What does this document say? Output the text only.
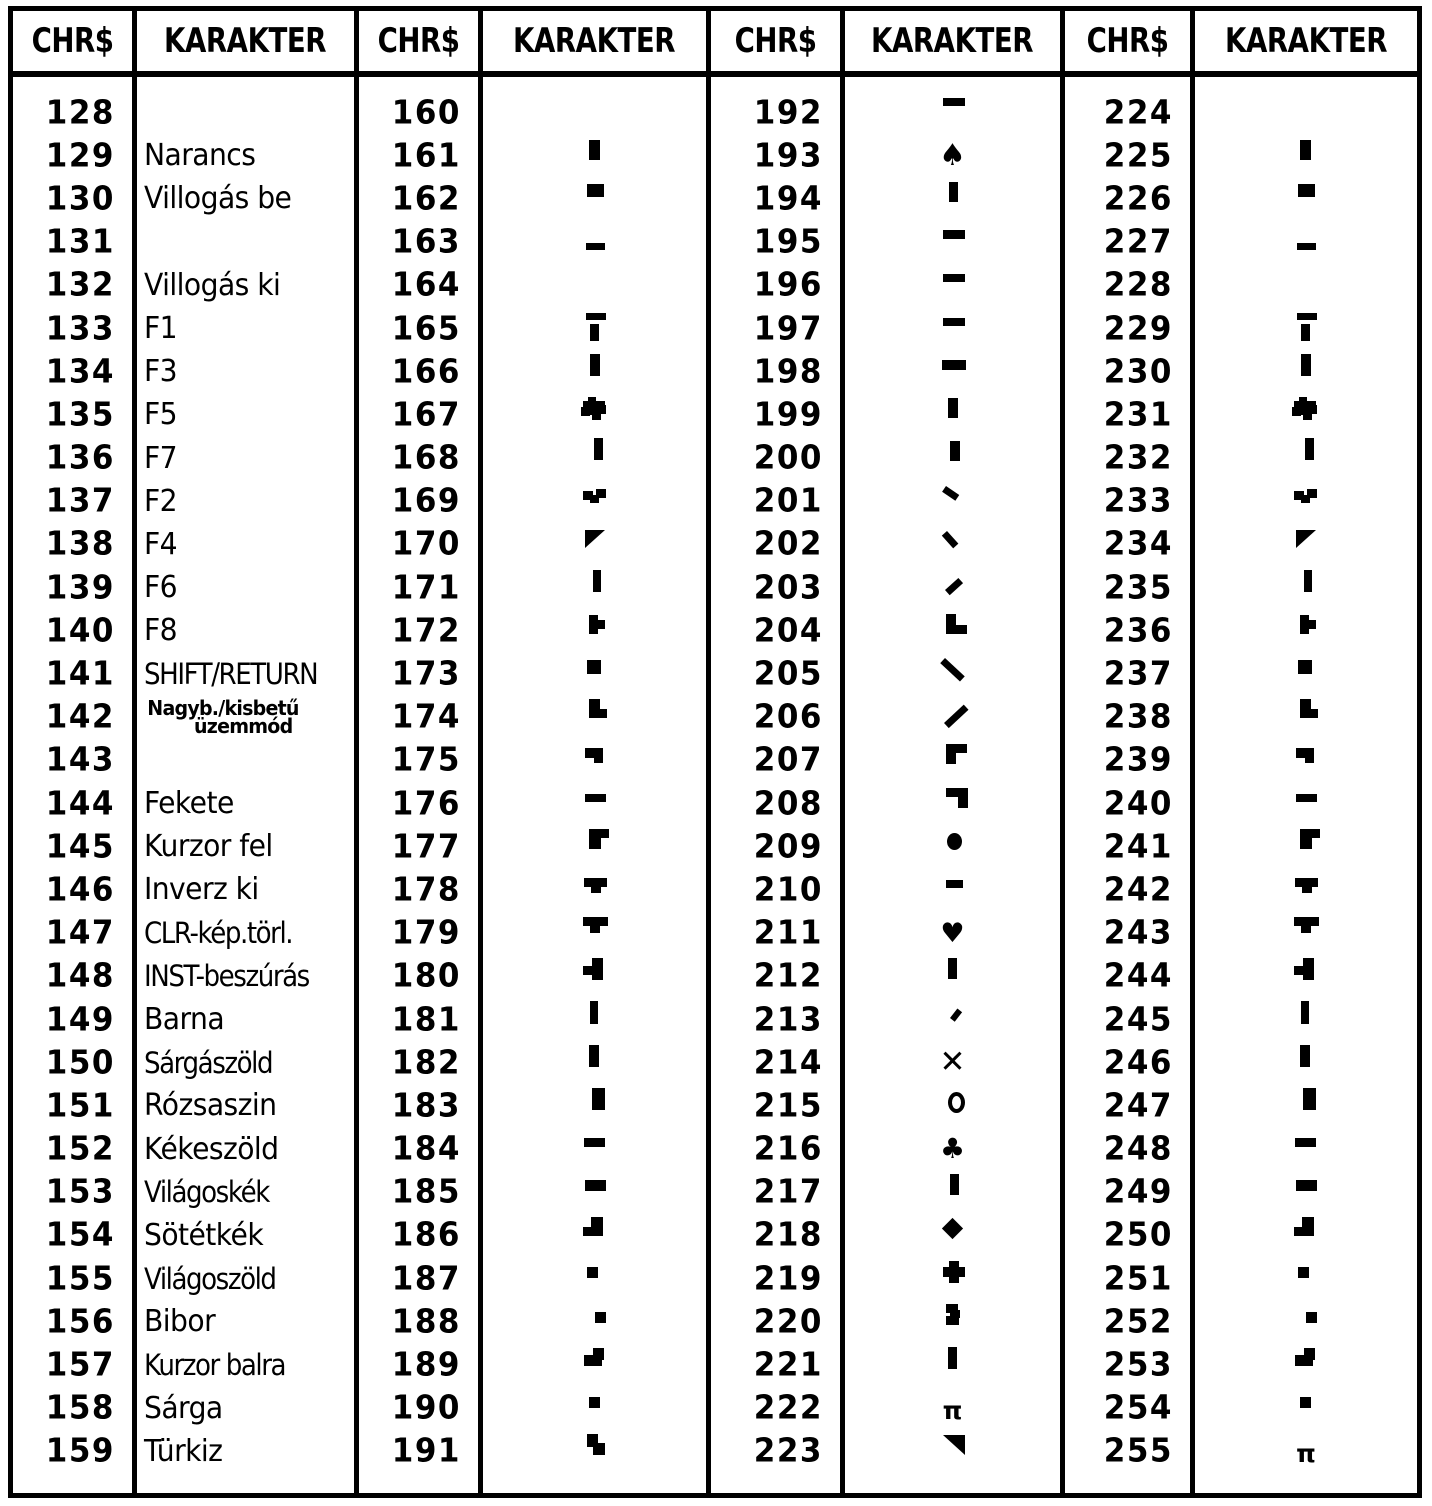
CHR$ KARAKTER CHR$ KARAKTER CHR$ KARAKTER CHR$ KARAKTER
128
129
130
131
132
133
134
135
136
137
138
139
140
141
142
143
144
145
146
147
148
149
150
151
152
153
154
155
156
157
158
159
Narancs
Villogás be
Villogás ki
F1
F3
F5
F7
F2
F4
F6
F8
SHIFT/RETURN
Nagyb./kisbetű
üzemmód
Fekete
Kurzor fel
Inverz ki
CLR-kép.törl.
INST-beszúrás
Barna
Sárgászöld
Rózsaszin
Kékeszöld
Világoskék
Sötétkék
Világoszöld
Bibor
Kurzor balra
Sárga
Türkiz
160
161
162
163
164
165
166
167
168
169
170
171
172
173
174
175
176
177
178
179
180
181
182
183
184
185
186
187
188
189
190
191
192
193
194
195
196
197
198
199
200
201
202
203
204
205
206
207
208
209
210
211
212
213
214
215
216
217
218
219
220
221
222
223
♠
♥
✕
♣
π
224
225
226
227
228
229
230
231
232
233
234
235
236
237
238
239
240
241
242
243
244
245
246
247
248
249
250
251
252
253
254
255	π
